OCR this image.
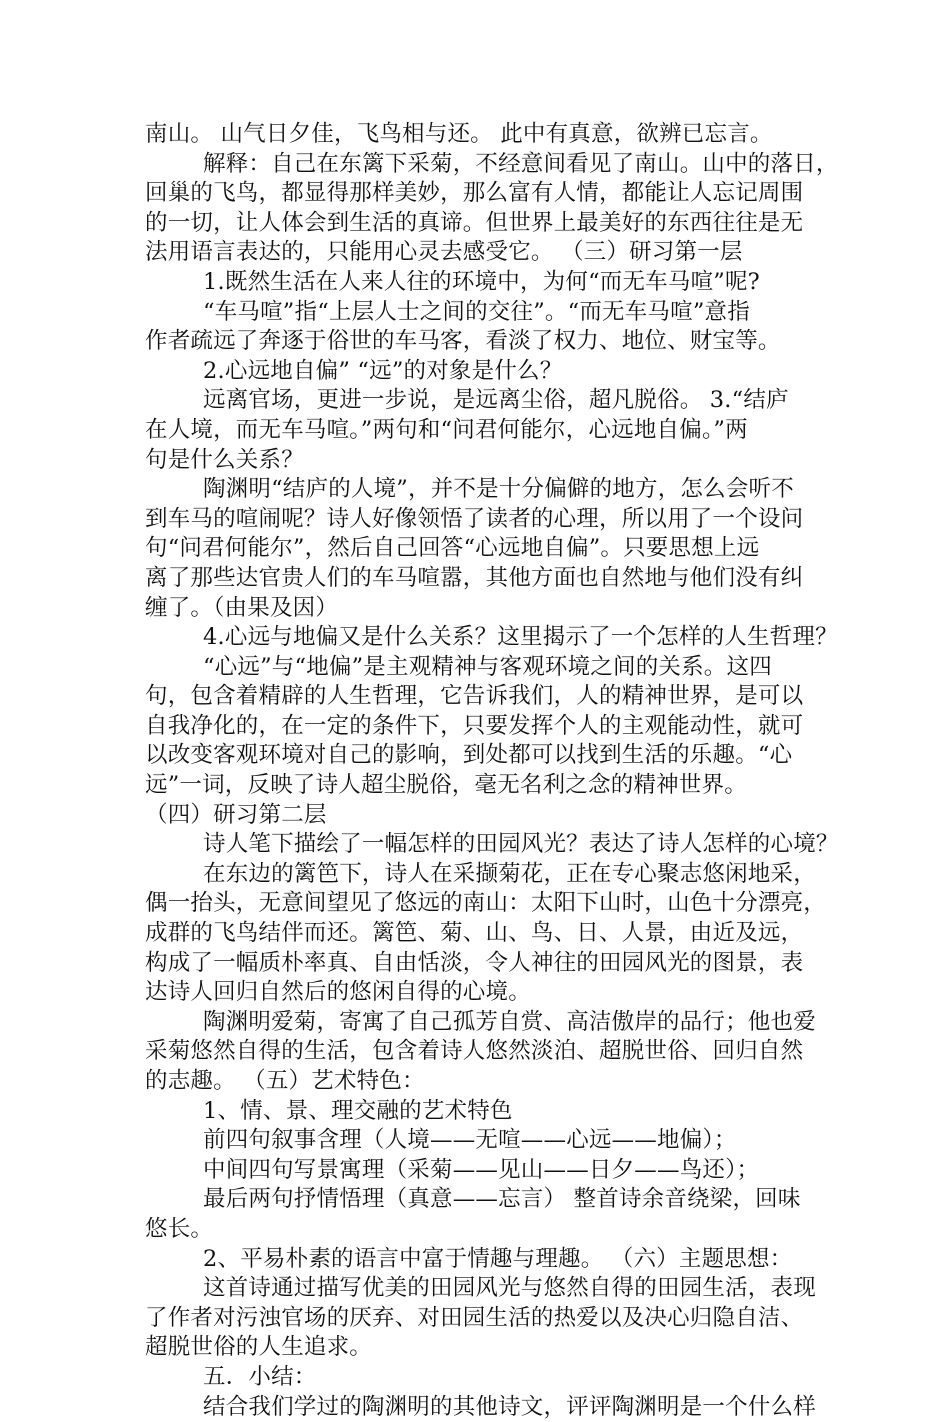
南山。 山气日夕佳，飞鸟相与还。 此中有真意，欲辨已忘言。
解释：自己在东篱下采菊，不经意间看见了南山。山中的落日，
回巢的飞鸟，都显得那样美妙，那么富有人情，都能让人忘记周围
的一切，让人体会到生活的真谛。但世界上最美好的东西往往是无
法用语言表达的，只能用心灵去感受它。 （三）研习第一层
1.既然生活在人来人往的环境中，为何“而无车马喧”呢?
“车马喧”指“上层人士之间的交往”。“而无车马喧”意指
作者疏远了奔逐于俗世的车马客，看淡了权力、地位、财宝等。
2.心远地自偏” “远”的对象是什么？
远离官场，更进一步说，是远离尘俗，超凡脱俗。 3.“结庐
在人境，而无车马喧。”两句和“问君何能尔，心远地自偏。”两
句是什么关系？
陶渊明“结庐的人境”，并不是十分偏僻的地方，怎么会听不
到车马的喧闹呢？诗人好像领悟了读者的心理，所以用了一个设问
句“问君何能尔”，然后自己回答“心远地自偏”。只要思想上远
离了那些达官贵人们的车马喧嚣，其他方面也自然地与他们没有纠
缠了。（由果及因）
4.心远与地偏又是什么关系？这里揭示了一个怎样的人生哲理？
“心远”与“地偏”是主观精神与客观环境之间的关系。这四
句，包含着精辟的人生哲理，它告诉我们，人的精神世界，是可以
自我净化的，在一定的条件下，只要发挥个人的主观能动性，就可
以改变客观环境对自己的影响，到处都可以找到生活的乐趣。“心
远”一词，反映了诗人超尘脱俗，毫无名利之念的精神世界。
（四）研习第二层
诗人笔下描绘了一幅怎样的田园风光？表达了诗人怎样的心境？
在东边的篱笆下，诗人在采撷菊花，正在专心聚志悠闲地采，
偶一抬头，无意间望见了悠远的南山：太阳下山时，山色十分漂亮，
成群的飞鸟结伴而还。篱笆、菊、山、鸟、日、人景，由近及远，
构成了一幅质朴率真、自由恬淡，令人神往的田园风光的图景，表
达诗人回归自然后的悠闲自得的心境。
陶渊明爱菊，寄寓了自己孤芳自赏、高洁傲岸的品行；他也爱
采菊悠然自得的生活，包含着诗人悠然淡泊、超脱世俗、回归自然
的志趣。 （五）艺术特色：
1、情、景、理交融的艺术特色
前四句叙事含理（人境——无喧——心远——地偏）；
中间四句写景寓理（采菊——见山——日夕——鸟还）；
最后两句抒情悟理（真意——忘言） 整首诗余音绕梁，回味
悠长。
2、平易朴素的语言中富于情趣与理趣。 （六）主题思想：
这首诗通过描写优美的田园风光与悠然自得的田园生活，表现
了作者对污浊官场的厌弃、对田园生活的热爱以及决心归隐自洁、
超脱世俗的人生追求。
五．小结：
结合我们学过的陶渊明的其他诗文，评评陶渊明是一个什么样
